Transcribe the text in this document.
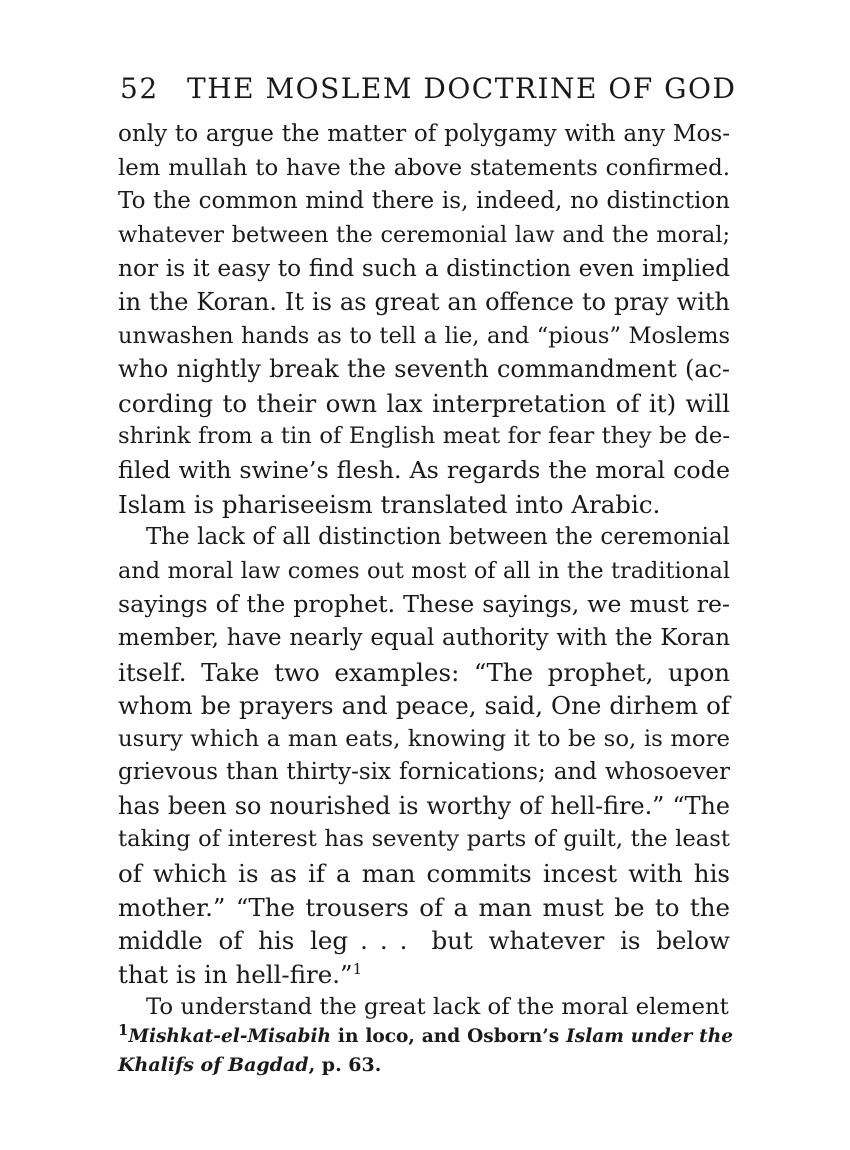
52 THE MOSLEM DOCTRINE OF GOD
only to argue the matter of polygamy with any Mos-
lem mullah to have the above statements confirmed.
To the common mind there is, indeed, no distinction
whatever between the ceremonial law and the moral;
nor is it easy to find such a distinction even implied
in the Koran. It is as great an offence to pray with
unwashen hands as to tell a lie, and “pious” Moslems
who nightly break the seventh commandment (ac-
cording to their own lax interpretation of it) will
shrink from a tin of English meat for fear they be de-
filed with swine’s flesh. As regards the moral code
Islam is phariseeism translated into Arabic.
The lack of all distinction between the ceremonial
and moral law comes out most of all in the traditional
sayings of the prophet. These sayings, we must re-
member, have nearly equal authority with the Koran
itself. Take two examples: “The prophet, upon
whom be prayers and peace, said, One dirhem of
usury which a man eats, knowing it to be so, is more
grievous than thirty-six fornications; and whosoever
has been so nourished is worthy of hell-fire.” “The
taking of interest has seventy parts of guilt, the least
of which is as if a man commits incest with his
mother.” “The trousers of a man must be to the
middle of his leg ... but whatever is below
that is in hell-fire.”$^1$
To understand the great lack of the moral element
$^1$Mishkat-el-Misabih in loco, and Osborn’s Islam under the
Khalifs of Bagdad, p. 63.
